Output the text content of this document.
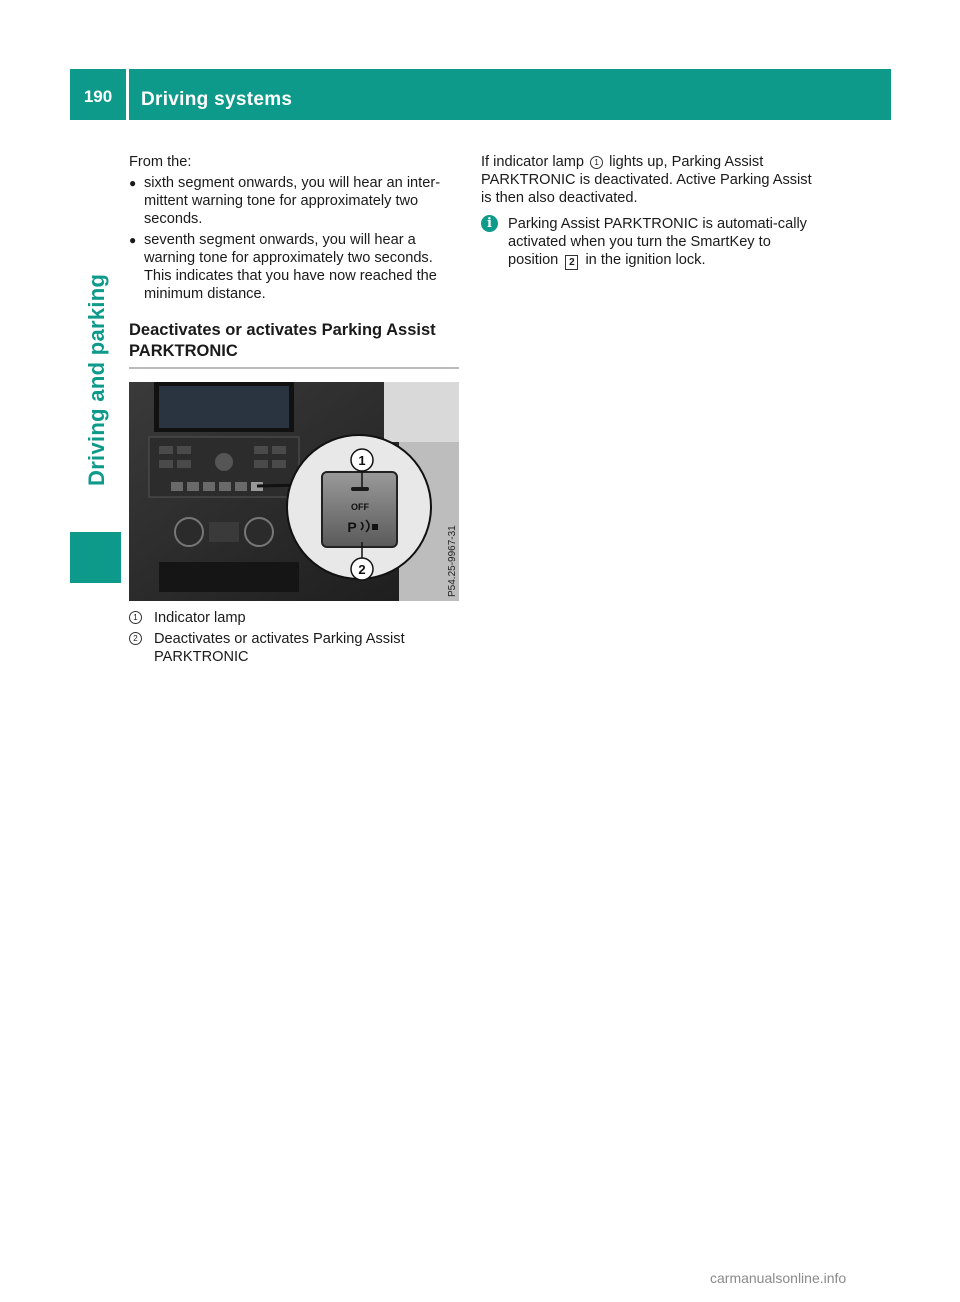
190	Driving systems
Driving and parking

From the:

● sixth segment onwards, you will hear an inter-mittent warning tone for approximately two seconds.
● seventh segment onwards, you will hear a warning tone for approximately two seconds. This indicates that you have now reached the minimum distance.
Deactivates or activates Parking Assist PARKTRONIC
OFF
P
1
2	P54.25-9967-31
1 Indicator lamp
2 Deactivates or activates Parking Assist PARKTRONIC

If indicator lamp 1 lights up, Parking Assist PARKTRONIC is deactivated. Active Parking Assist is then also deactivated.

i	Parking Assist PARKTRONIC is automati-cally activated when you turn the SmartKey to position 2 in the ignition lock.
carmanualsonline.info
